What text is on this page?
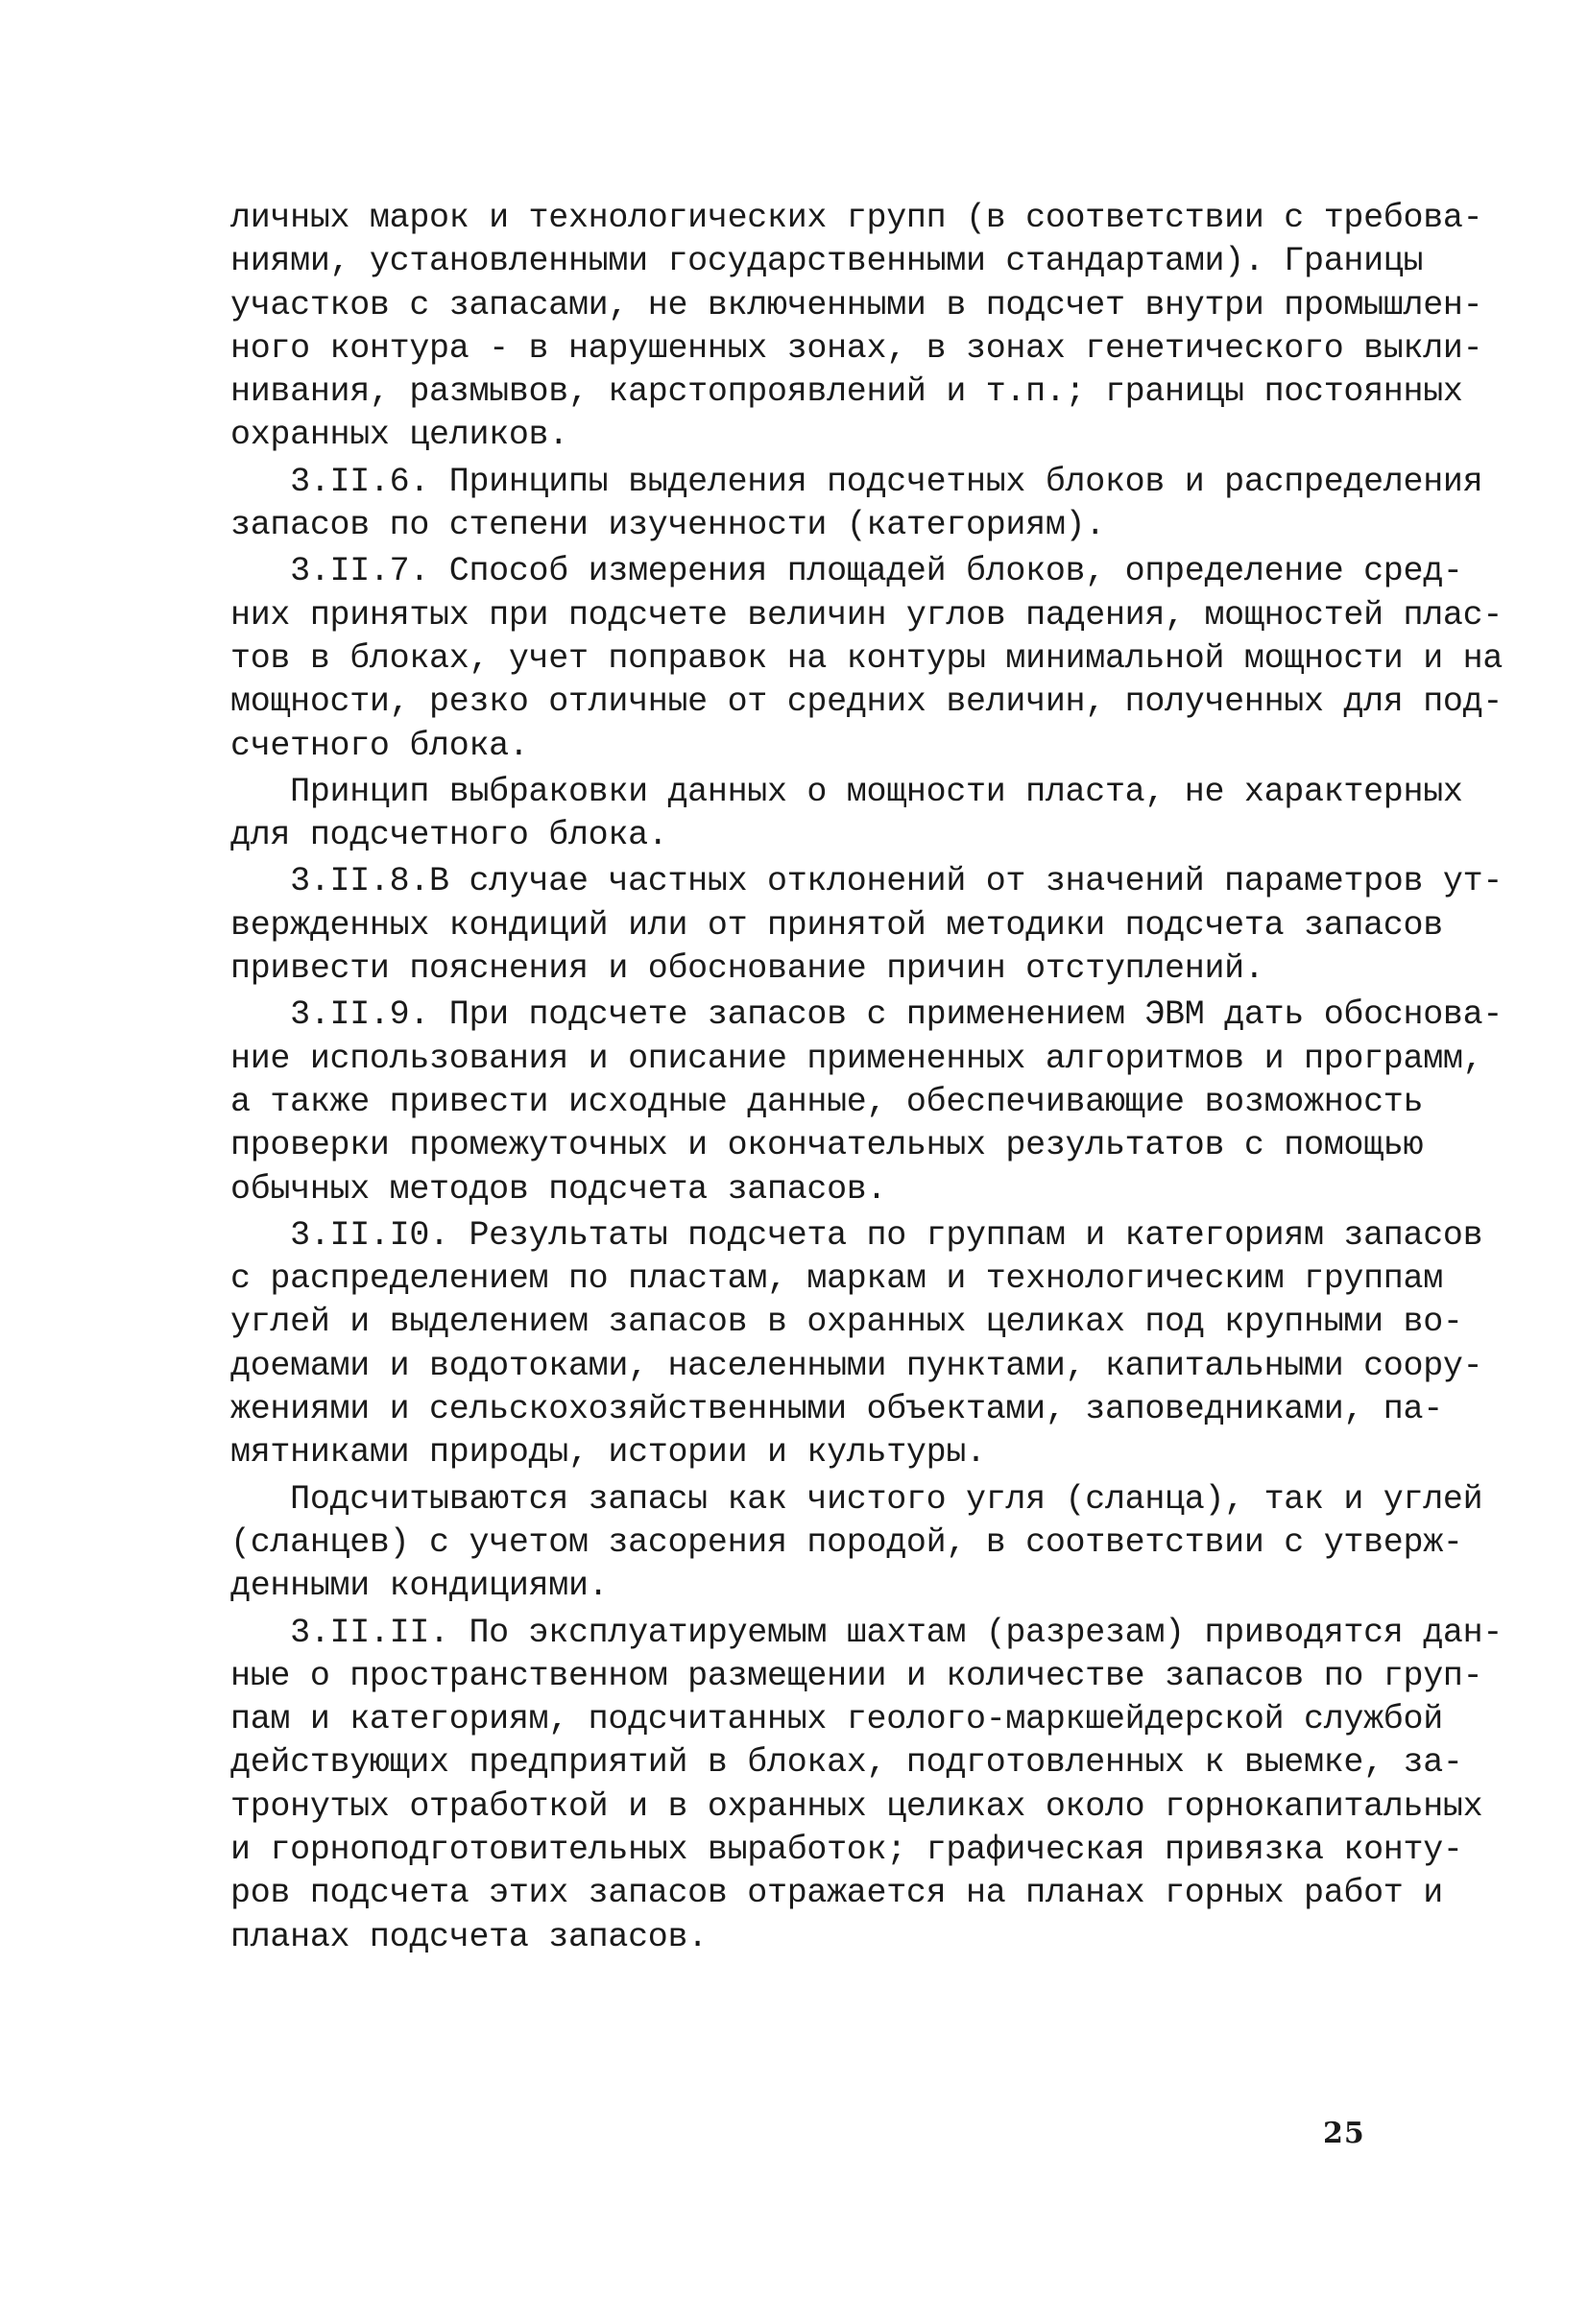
личных марок и технологических групп (в соответствии с требова-
ниями, установленными государственными стандартами). Границы
участков с запасами, не включенными в подсчет внутри промышлен-
ного контура - в нарушенных зонах, в зонах генетического выкли-
нивания, размывов, карстопроявлений и т.п.; границы постоянных
охранных целиков.
3.II.6. Принципы выделения подсчетных блоков и распределения
запасов по степени изученности (категориям).
3.II.7. Способ измерения площадей блоков, определение сред-
них принятых при подсчете величин углов падения, мощностей плас-
тов в блоках, учет поправок на контуры минимальной мощности и на
мощности, резко отличные от средних величин, полученных для под-
счетного блока.
Принцип выбраковки данных о мощности пласта, не характерных
для подсчетного блока.
3.II.8.В случае частных отклонений от значений параметров ут-
вержденных кондиций или от принятой методики подсчета запасов
привести пояснения и обоснование причин отступлений.
3.II.9. При подсчете запасов с применением ЭВМ дать обоснова-
ние использования и описание примененных алгоритмов и программ,
а также привести исходные данные, обеспечивающие возможность
проверки промежуточных и окончательных результатов с помощью
обычных методов подсчета запасов.
3.II.I0. Результаты подсчета по группам и категориям запасов
с распределением по пластам, маркам и технологическим группам
углей и выделением запасов в охранных целиках под крупными во-
доемами и водотоками, населенными пунктами, капитальными соору-
жениями и сельскохозяйственными объектами, заповедниками, па-
мятниками природы, истории и культуры.
Подсчитываются запасы как чистого угля (сланца), так и углей
(сланцев) с учетом засорения породой, в соответствии с утверж-
денными кондициями.
3.II.II. По эксплуатируемым шахтам (разрезам) приводятся дан-
ные о пространственном размещении и количестве запасов по груп-
пам и категориям, подсчитанных геолого-маркшейдерской службой
действующих предприятий в блоках, подготовленных к выемке, за-
тронутых отработкой и в охранных целиках около горнокапитальных
и горноподготовительных выработок; графическая привязка конту-
ров подсчета этих запасов отражается на планах горных работ и
планах подсчета запасов.
25
